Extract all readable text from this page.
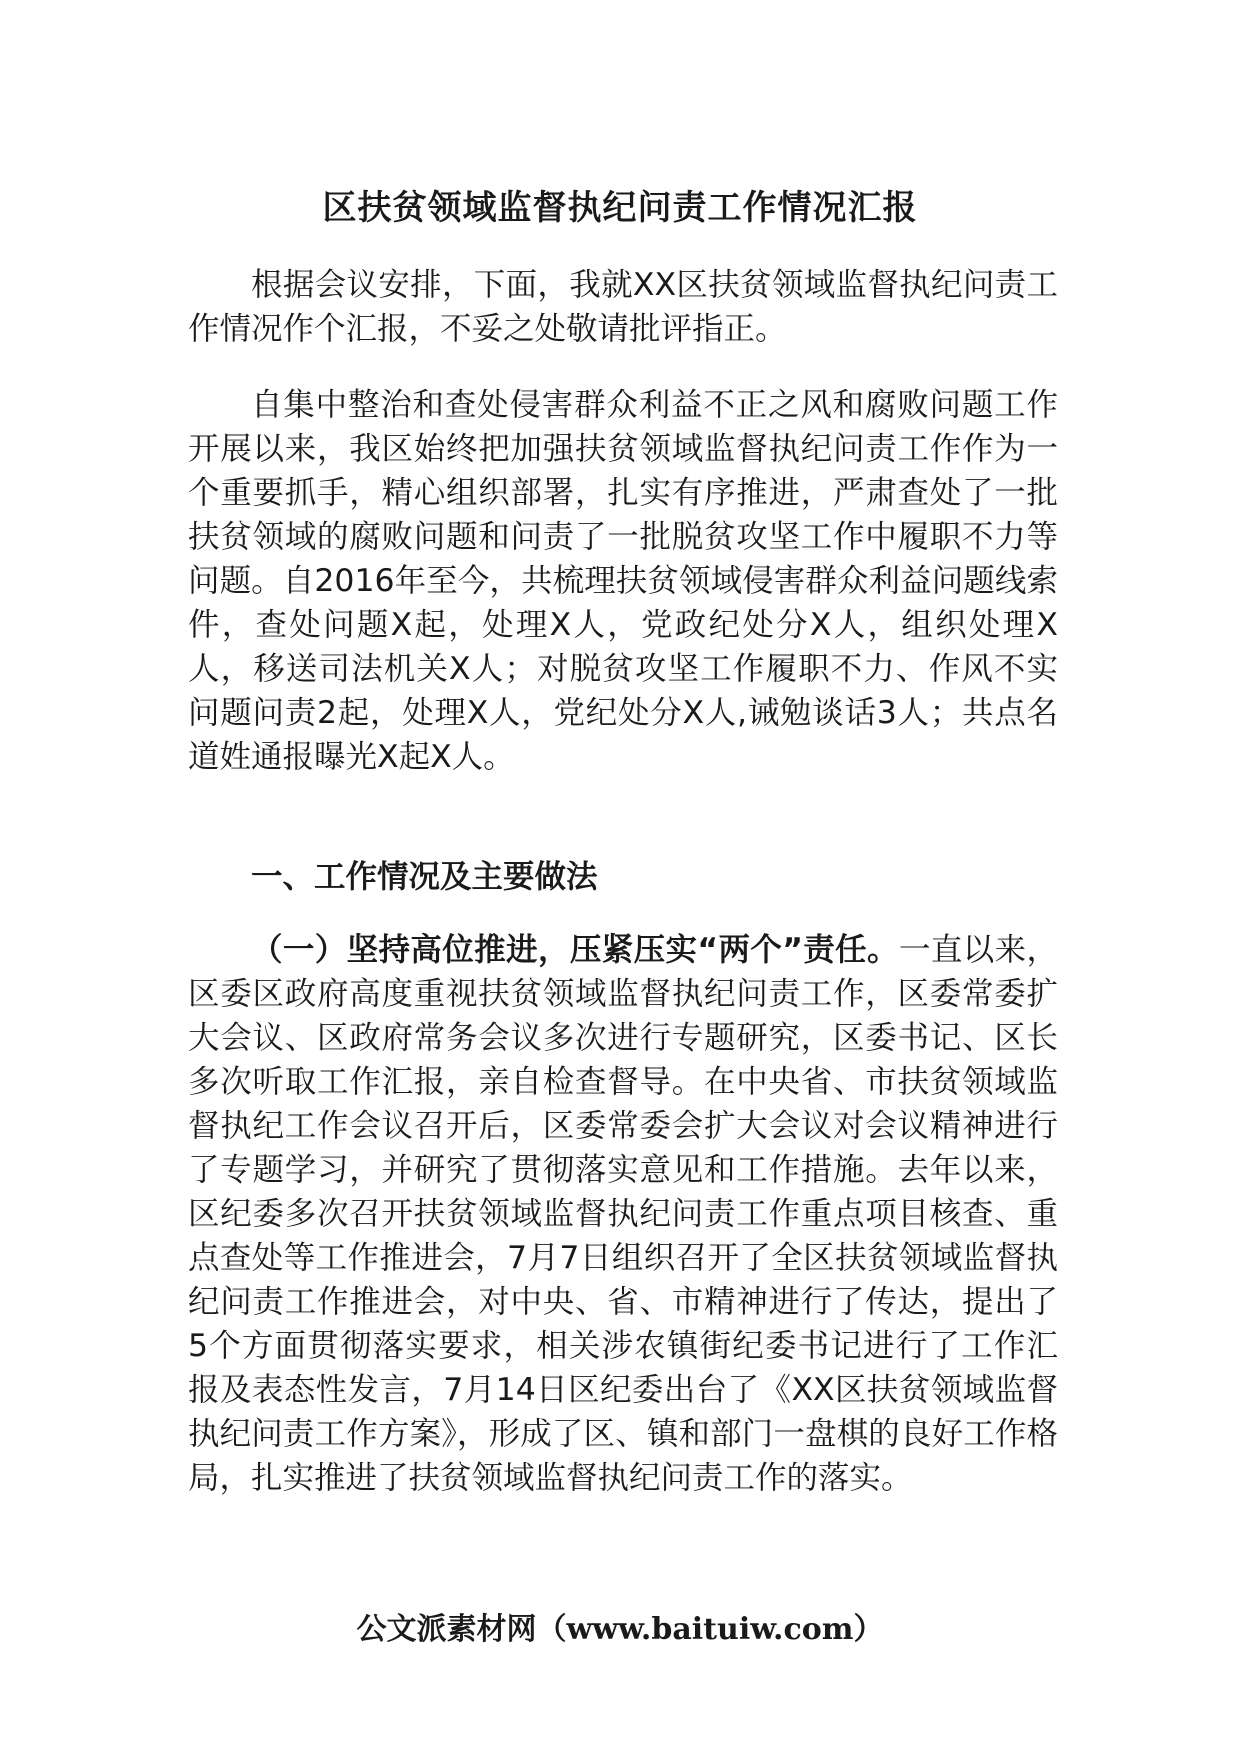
区扶贫领域监督执纪问责工作情况汇报

根据会议安排，下面，我就XX区扶贫领域监督执纪问责工作情况作个汇报，不妥之处敬请批评指正。

自集中整治和查处侵害群众利益不正之风和腐败问题工作开展以来，我区始终把加强扶贫领域监督执纪问责工作作为一个重要抓手，精心组织部署，扎实有序推进，严肃查处了一批扶贫领域的腐败问题和问责了一批脱贫攻坚工作中履职不力等问题。自2016年至今，共梳理扶贫领域侵害群众利益问题线索　件，查处问题X起，处理X人，党政纪处分X人，组织处理X人，移送司法机关X人；对脱贫攻坚工作履职不力、作风不实问题问责2起，处理X人，党纪处分X人,诫勉谈话3人；共点名道姓通报曝光X起X人。

一、工作情况及主要做法

（一）坚持高位推进，压紧压实“两个”责任。一直以来，区委区政府高度重视扶贫领域监督执纪问责工作，区委常委扩大会议、区政府常务会议多次进行专题研究，区委书记、区长多次听取工作汇报，亲自检查督导。在中央省、市扶贫领域监督执纪工作会议召开后，区委常委会扩大会议对会议精神进行了专题学习，并研究了贯彻落实意见和工作措施。去年以来，区纪委多次召开扶贫领域监督执纪问责工作重点项目核查、重点查处等工作推进会，7月7日组织召开了全区扶贫领域监督执纪问责工作推进会，对中央、省、市精神进行了传达，提出了5个方面贯彻落实要求，相关涉农镇街纪委书记进行了工作汇报及表态性发言，7月14日区纪委出台了《XX区扶贫领域监督执纪问责工作方案》，形成了区、镇和部门一盘棋的良好工作格局，扎实推进了扶贫领域监督执纪问责工作的落实。

公文派素材网（www.baituiw.com）
